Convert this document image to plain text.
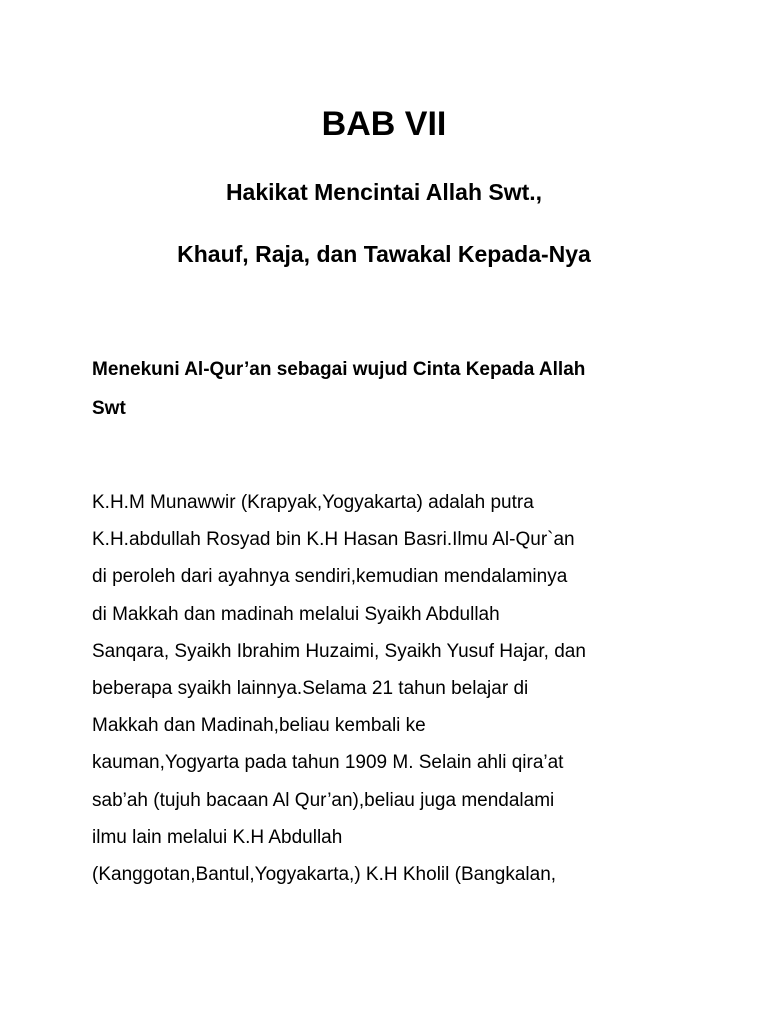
BAB VII
Hakikat Mencintai Allah Swt.,
Khauf, Raja, dan Tawakal Kepada-Nya
Menekuni Al-Qur’an sebagai wujud Cinta Kepada Allah
Swt
K.H.M Munawwir (Krapyak,Yogyakarta) adalah putra
K.H.abdullah Rosyad bin K.H Hasan Basri.Ilmu Al-Qur`an
di peroleh dari ayahnya sendiri,kemudian mendalaminya
di Makkah dan madinah melalui Syaikh Abdullah
Sanqara, Syaikh Ibrahim Huzaimi, Syaikh Yusuf Hajar, dan
beberapa syaikh lainnya.Selama 21 tahun belajar di
Makkah dan Madinah,beliau kembali ke
kauman,Yogyarta pada tahun 1909 M. Selain ahli qira’at
sab’ah (tujuh bacaan Al Qur’an),beliau juga mendalami
ilmu lain melalui K.H Abdullah
(Kanggotan,Bantul,Yogyakarta,) K.H Kholil (Bangkalan,
